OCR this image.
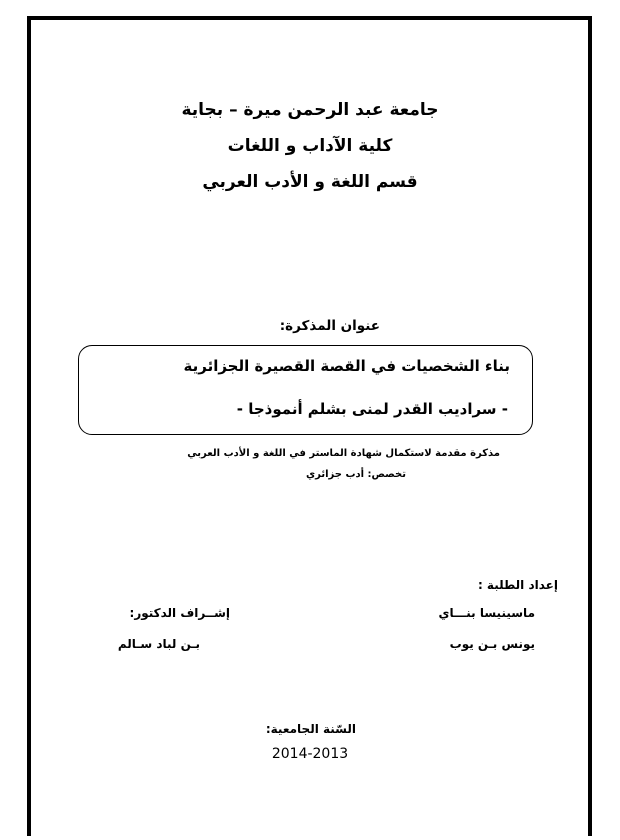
جامعة عبد الرحمن ميرة – بجاية
كلية الآداب و اللغات
قسم اللغة و الأدب العربي
عنوان المذكرة:
بناء الشخصيات في القصة القصيرة الجزائرية
- سراديب القدر لمنى بشلم أنموذجا -
مذكرة مقدمة لاستكمال شهادة الماستر في اللغة و الأدب العربي
تخصص: أدب جزائري
إعداد الطلبة :
ماسينيسا بنـــاي
يونس بـن يوب
إشــراف الدكتور:
بـن لباد سـالم
السّنة الجامعية:
2014-2013
